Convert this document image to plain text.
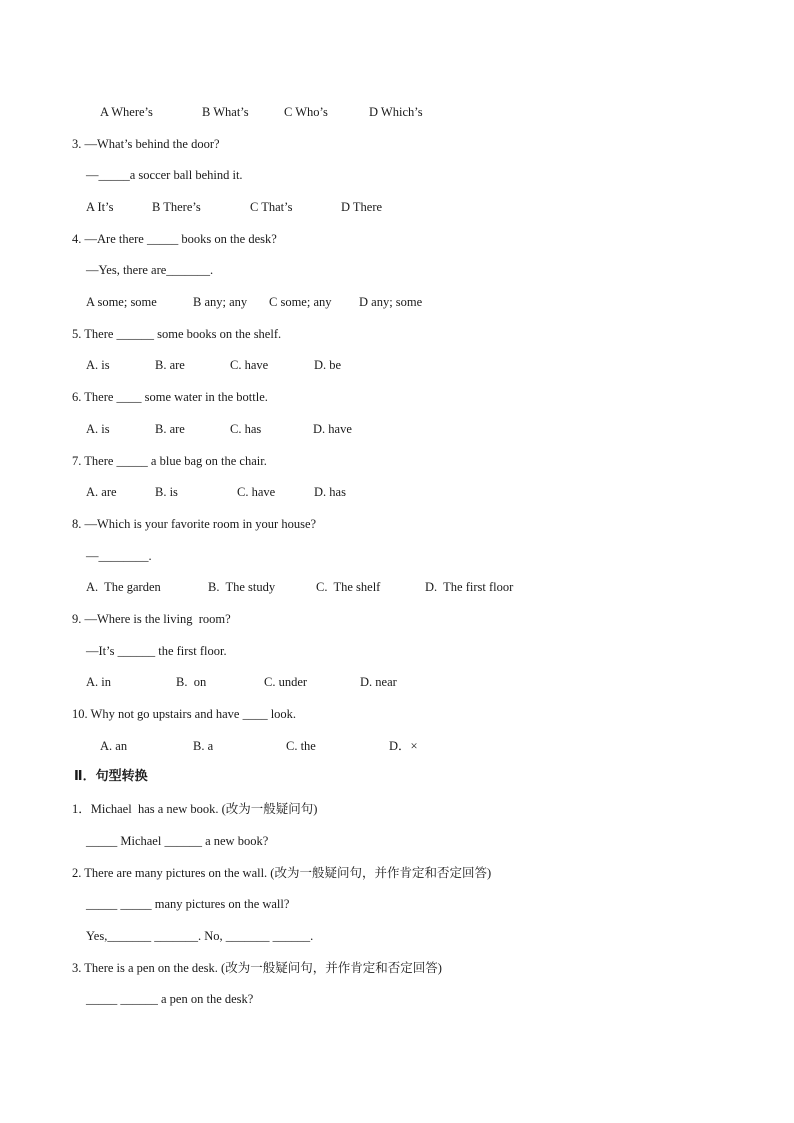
A Where’s	B What’s	C Who’s	D Which’s
3. —What’s behind the door?
—_____a soccer ball behind it.
A It’s	B There’s	C That’s	D There
4. —Are there _____ books on the desk?
—Yes, there are_______.
A some; some	B any; any C some; any D any; some
5. There ______ some books on the shelf.
A. is	B. are	C. have	D. be
6. There ____ some water in the bottle.
A. is	B. are	C. has	D. have
7. There _____ a blue bag on the chair.
A. are	B. is	C. have	D. has
8. —Which is your favorite room in your house?
—________.
A.  The garden	B.  The study	C.  The shelf	D.  The first floor
9. —Where is the living  room?
—It’s ______ the first floor.
A. in	B.  on	C. under	D. near
10. Why not go upstairs and have ____ look.
A. an	B. a	C. the	D．×
Ⅱ．句型转换
1．Michael  has a new book. (改为一般疑问句)
_____ Michael ______ a new book?
2. There are many pictures on the wall. (改为一般疑问句，并作肯定和否定回答)
_____ _____ many pictures on the wall?
Yes,_______ _______. No, _______ ______.
3. There is a pen on the desk. (改为一般疑问句，并作肯定和否定回答)
_____ ______ a pen on the desk?
